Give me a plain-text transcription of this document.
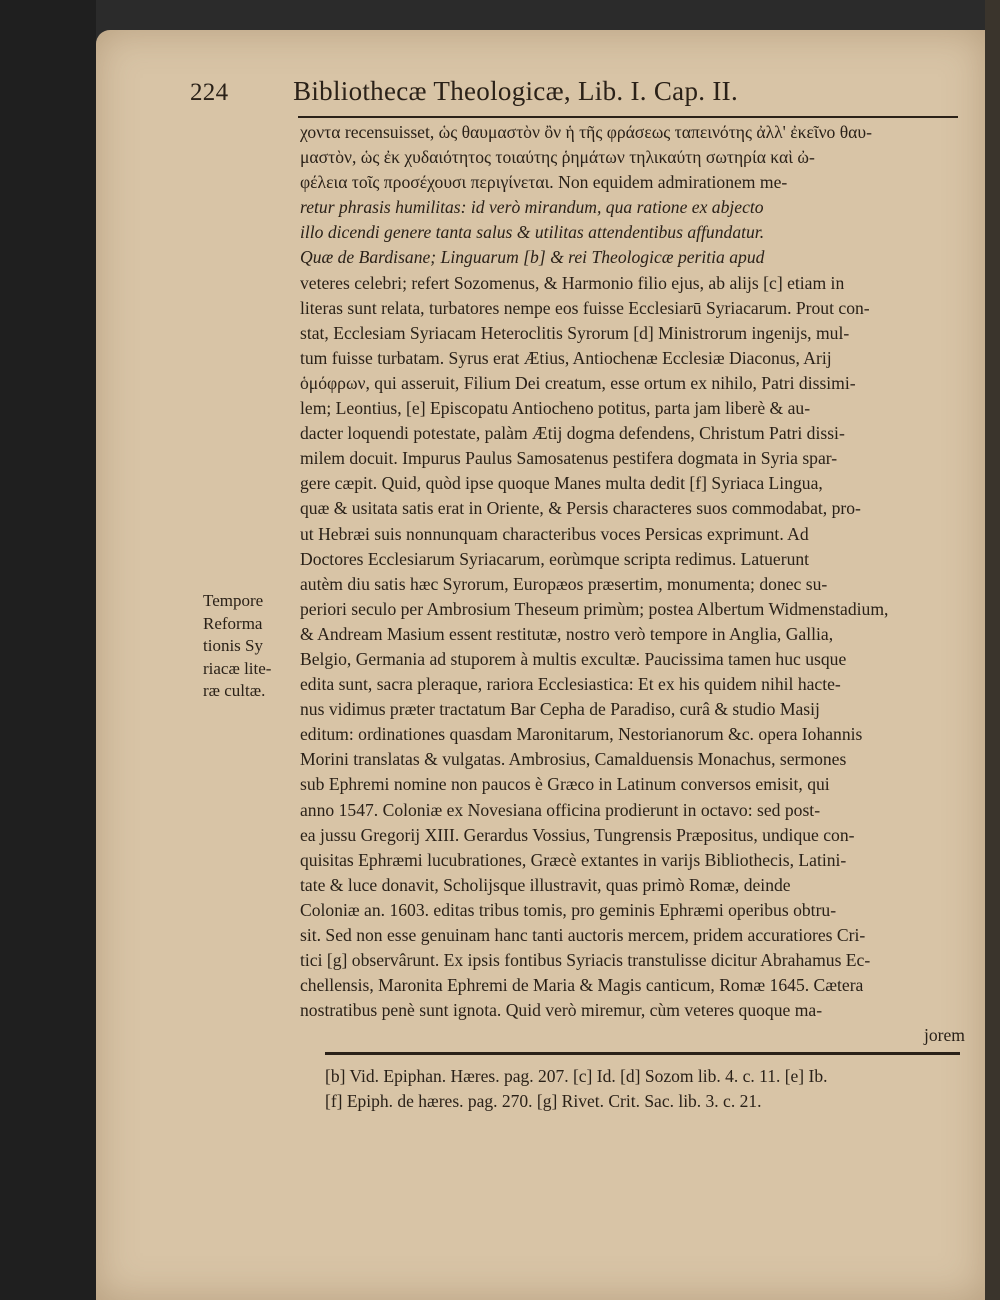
224 Bibliothecæ Theologicæ, Lib. I. Cap. II.
Tempore
Reforma
tionis Sy
riacæ lite-
ræ cultæ.
χοντα recensuisset, ὡς θαυμαστὸν ὂν ἡ τῆς φράσεως ταπεινότης ἀλλ' ἐκεῖνο θαυ-
μαστὸν, ὡς ἐκ χυδαιότητος τοιαύτης ῥημάτων τηλικαύτη σωτηρία καὶ ὠ-
φέλεια τοῖς προσέχουσι περιγίνεται. Non equidem admirationem me-
retur phrasis humilitas: id verò mirandum, qua ratione ex abjecto
illo dicendi genere tanta salus & utilitas attendentibus affundatur.
Quæ de Bardisane; Linguarum [b] & rei Theologicæ peritia apud
veteres celebri; refert Sozomenus, & Harmonio filio ejus, ab alijs [c] etiam in
literas sunt relata, turbatores nempe eos fuisse Ecclesiarū Syriacarum. Prout con-
stat, Ecclesiam Syriacam Heteroclitis Syrorum [d] Ministrorum ingenijs, mul-
tum fuisse turbatam. Syrus erat Ætius, Antiochenæ Ecclesiæ Diaconus, Arij
ὁμόφρων, qui asseruit, Filium Dei creatum, esse ortum ex nihilo, Patri dissimi-
lem; Leontius, [e] Episcopatu Antiocheno potitus, parta jam liberè & au-
dacter loquendi potestate, palàm Ætij dogma defendens, Christum Patri dissi-
milem docuit. Impurus Paulus Samosatenus pestifera dogmata in Syria spar-
gere cæpit. Quid, quòd ipse quoque Manes multa dedit [f] Syriaca Lingua,
quæ & usitata satis erat in Oriente, & Persis characteres suos commodabat, pro-
ut Hebræi suis nonnunquam characteribus voces Persicas exprimunt. Ad
Doctores Ecclesiarum Syriacarum, eorùmque scripta redimus. Latuerunt
autèm diu satis hæc Syrorum, Europæos præsertim, monumenta; donec su-
periori seculo per Ambrosium Theseum primùm; postea Albertum Widmenstadium,
& Andream Masium essent restitutæ, nostro verò tempore in Anglia, Gallia,
Belgio, Germania ad stuporem à multis excultæ. Paucissima tamen huc usque
edita sunt, sacra pleraque, rariora Ecclesiastica: Et ex his quidem nihil hacte-
nus vidimus præter tractatum Bar Cepha de Paradiso, curâ & studio Masij
editum: ordinationes quasdam Maronitarum, Nestorianorum &c. opera Iohannis
Morini translatas & vulgatas. Ambrosius, Camalduensis Monachus, sermones
sub Ephremi nomine non paucos è Græco in Latinum conversos emisit, qui
anno 1547. Coloniæ ex Novesiana officina prodierunt in octavo: sed post-
ea jussu Gregorij XIII. Gerardus Vossius, Tungrensis Præpositus, undique con-
quisitas Ephræmi lucubrationes, Græcè extantes in varijs Bibliothecis, Latini-
tate & luce donavit, Scholijsque illustravit, quas primò Romæ, deinde
Coloniæ an. 1603. editas tribus tomis, pro geminis Ephræmi operibus obtru-
sit. Sed non esse genuinam hanc tanti auctoris mercem, pridem accuratiores Cri-
tici [g] observârunt. Ex ipsis fontibus Syriacis transtulisse dicitur Abrahamus Ec-
chellensis, Maronita Ephremi de Maria & Magis canticum, Romæ 1645. Cætera
nostratibus penè sunt ignota. Quid verò miremur, cùm veteres quoque ma-
jorem
[b] Vid. Epiphan. Hæres. pag. 207. [c] Id. [d] Sozom lib. 4. c. 11. [e] Ib.
[f] Epiph. de hæres. pag. 270. [g] Rivet. Crit. Sac. lib. 3. c. 21.
